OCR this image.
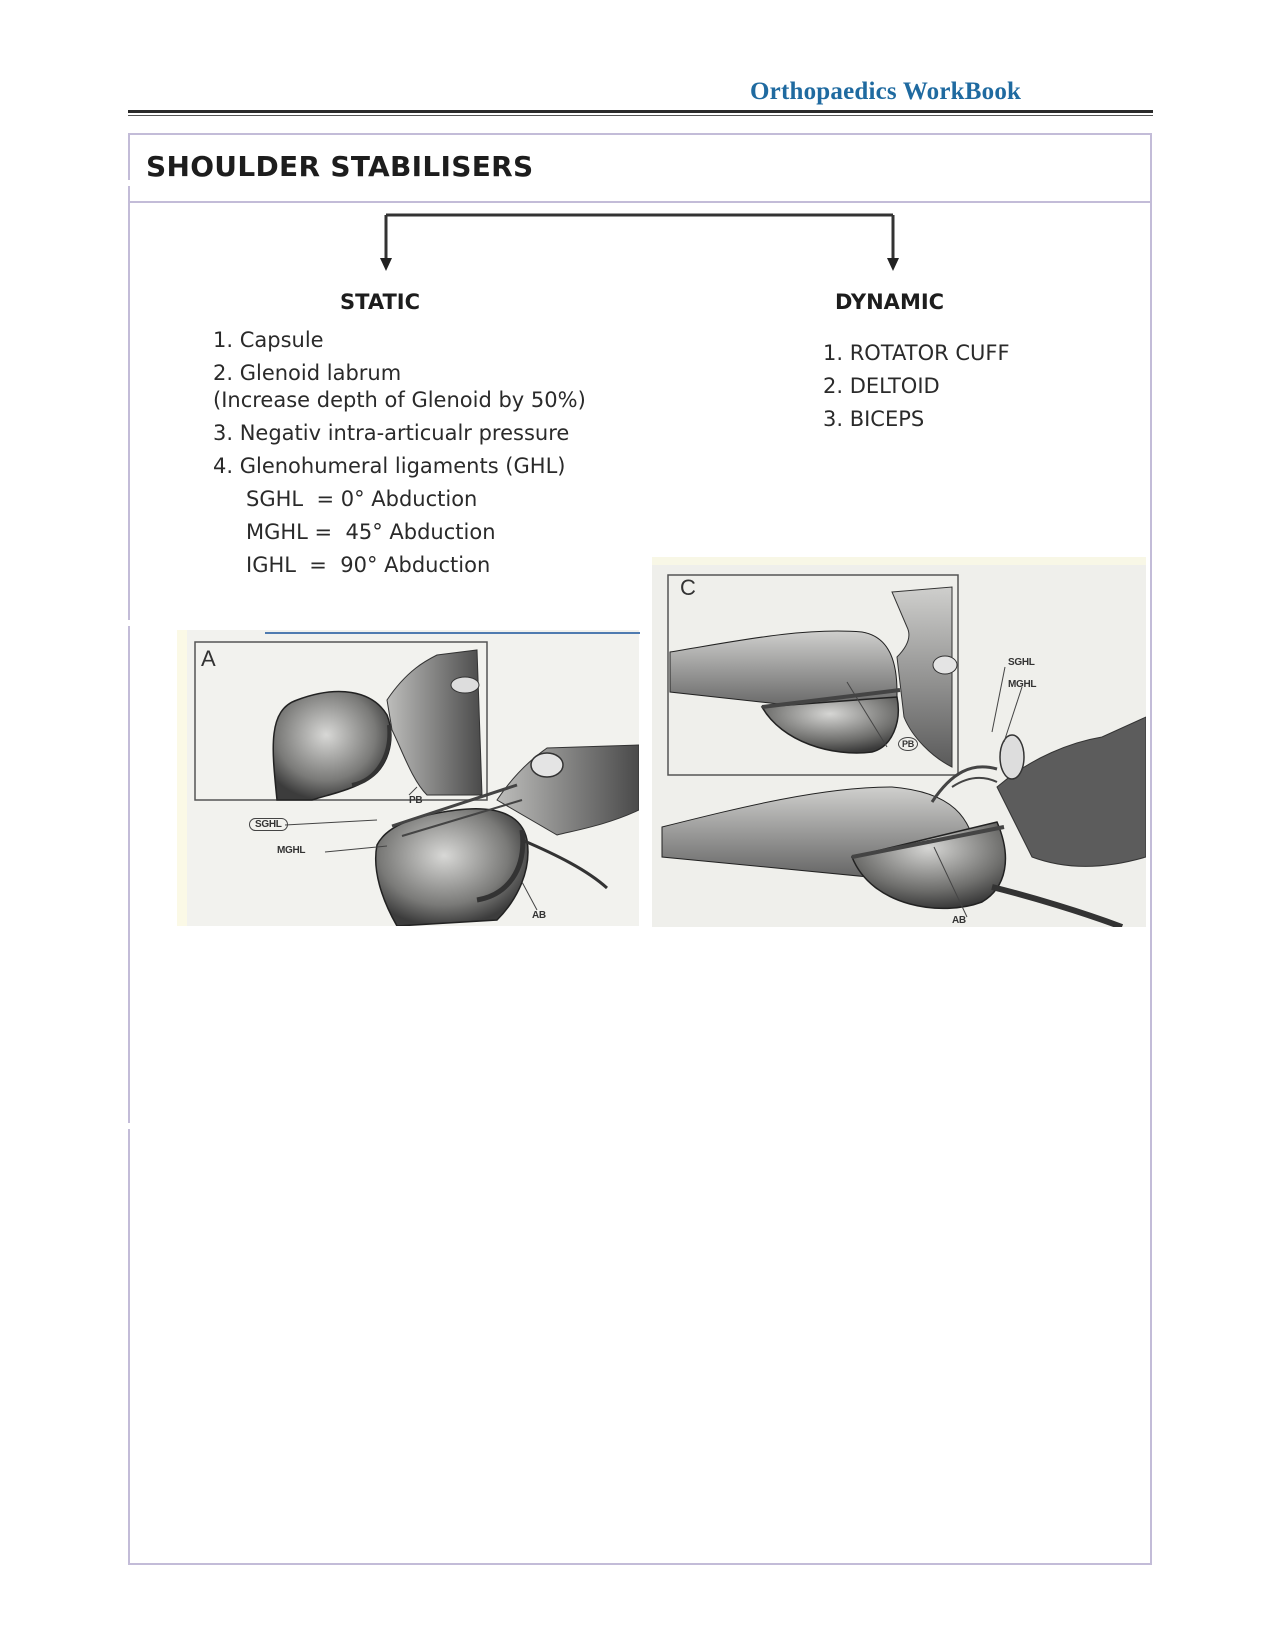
Orthopaedics WorkBook
SHOULDER STABILISERS
STATIC	DYNAMIC
1. Capsule
2. Glenoid labrum
(Increase depth of Glenoid by 50%)
3. Negativ intra-articualr pressure
4. Glenohumeral ligaments (GHL)
SGHL  = 0° Abduction
MGHL =  45° Abduction
IGHL  =  90° Abduction
1. ROTATOR CUFF
2. DELTOID
3. BICEPS
A
PB
SGHL
MGHL
AB
C
PB
SGHL
MGHL
AB
